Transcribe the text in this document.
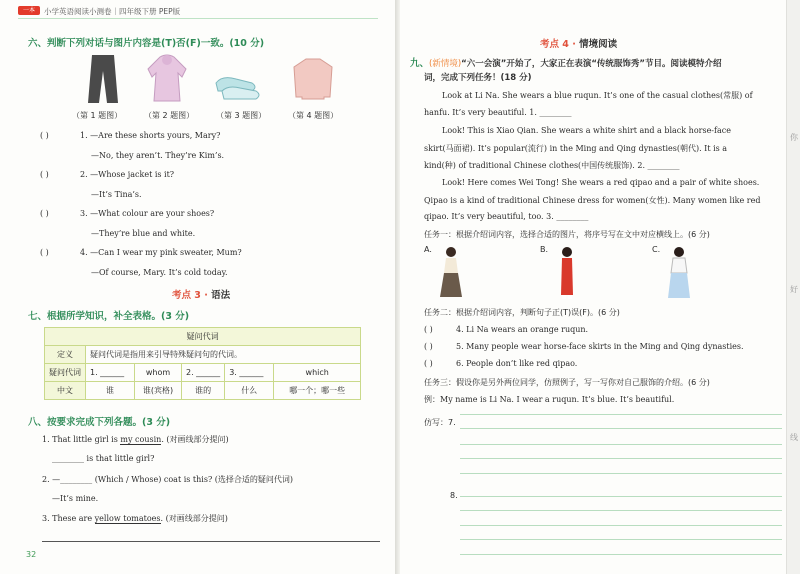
一本	小学英语阅读小测卷｜四年级下册 PEP版
六、判断下列对话与图片内容是(T)否(F)一致。(10 分)
（第 1 题图）	（第 2 题图）	（第 3 题图）	（第 4 题图）
( )	1. —Are these shorts yours, Mary?
—No, they aren’t. They’re Kim’s.
( )	2. —Whose jacket is it?
—It’s Tina’s.
( )	3. —What colour are your shoes?
—They’re blue and white.
( )	4. —Can I wear my pink sweater, Mum?
—Of course, Mary. It’s cold today.
考点 3 · 语法
七、根据所学知识，补全表格。(3 分)
疑问代词					
定义	疑问代词是指用来引导特殊疑问句的代词。				
疑问代词	1. ______	whom	2. ______	3. ______	which
中文	谁	谁(宾格)	谁的	什么	哪一个；哪一些
八、按要求完成下列各题。(3 分)
1. That little girl is my cousin. (对画线部分提问)
________ is that little girl?
2. —________ (Which / Whose) coat is this? (选择合适的疑问代词)
—It’s mine.
3. These are yellow tomatoes. (对画线部分提问)
32
考点 4 · 情境阅读
九、(新情境)“六一会演”开始了，大家正在表演“传统服饰秀”节目。阅读模特介绍
词，完成下列任务！(18 分)
Look at Li Na. She wears a blue ruqun. It’s one of the casual clothes(常服) of
hanfu. It’s very beautiful. 1. ________
Look! This is Xiao Qian. She wears a white shirt and a black horse-face
skirt(马面裙). It’s popular(流行) in the Ming and Qing dynasties(朝代). It is a
kind(种) of traditional Chinese clothes(中国传统服饰). 2. ________
Look! Here comes Wei Tong! She wears a red qipao and a pair of white shoes.
Qipao is a kind of traditional Chinese dress for women(女性). Many women like red
qipao. It’s very beautiful, too. 3. ________
任务一：根据介绍词内容，选择合适的图片，将序号写在文中对应横线上。(6 分)
A.	B.	C.
任务二：根据介绍词内容，判断句子正(T)误(F)。(6 分)
( )	4. Li Na wears an orange ruqun.
( )	5. Many people wear horse-face skirts in the Ming and Qing dynasties.
( )	6. People don’t like red qipao.
任务三：假设你是另外两位同学，仿照例子，写一写你对自己服饰的介绍。(6 分)
例：My name is Li Na. I wear a ruqun. It’s blue. It’s beautiful.
仿写：7.
8.
你
好
线
